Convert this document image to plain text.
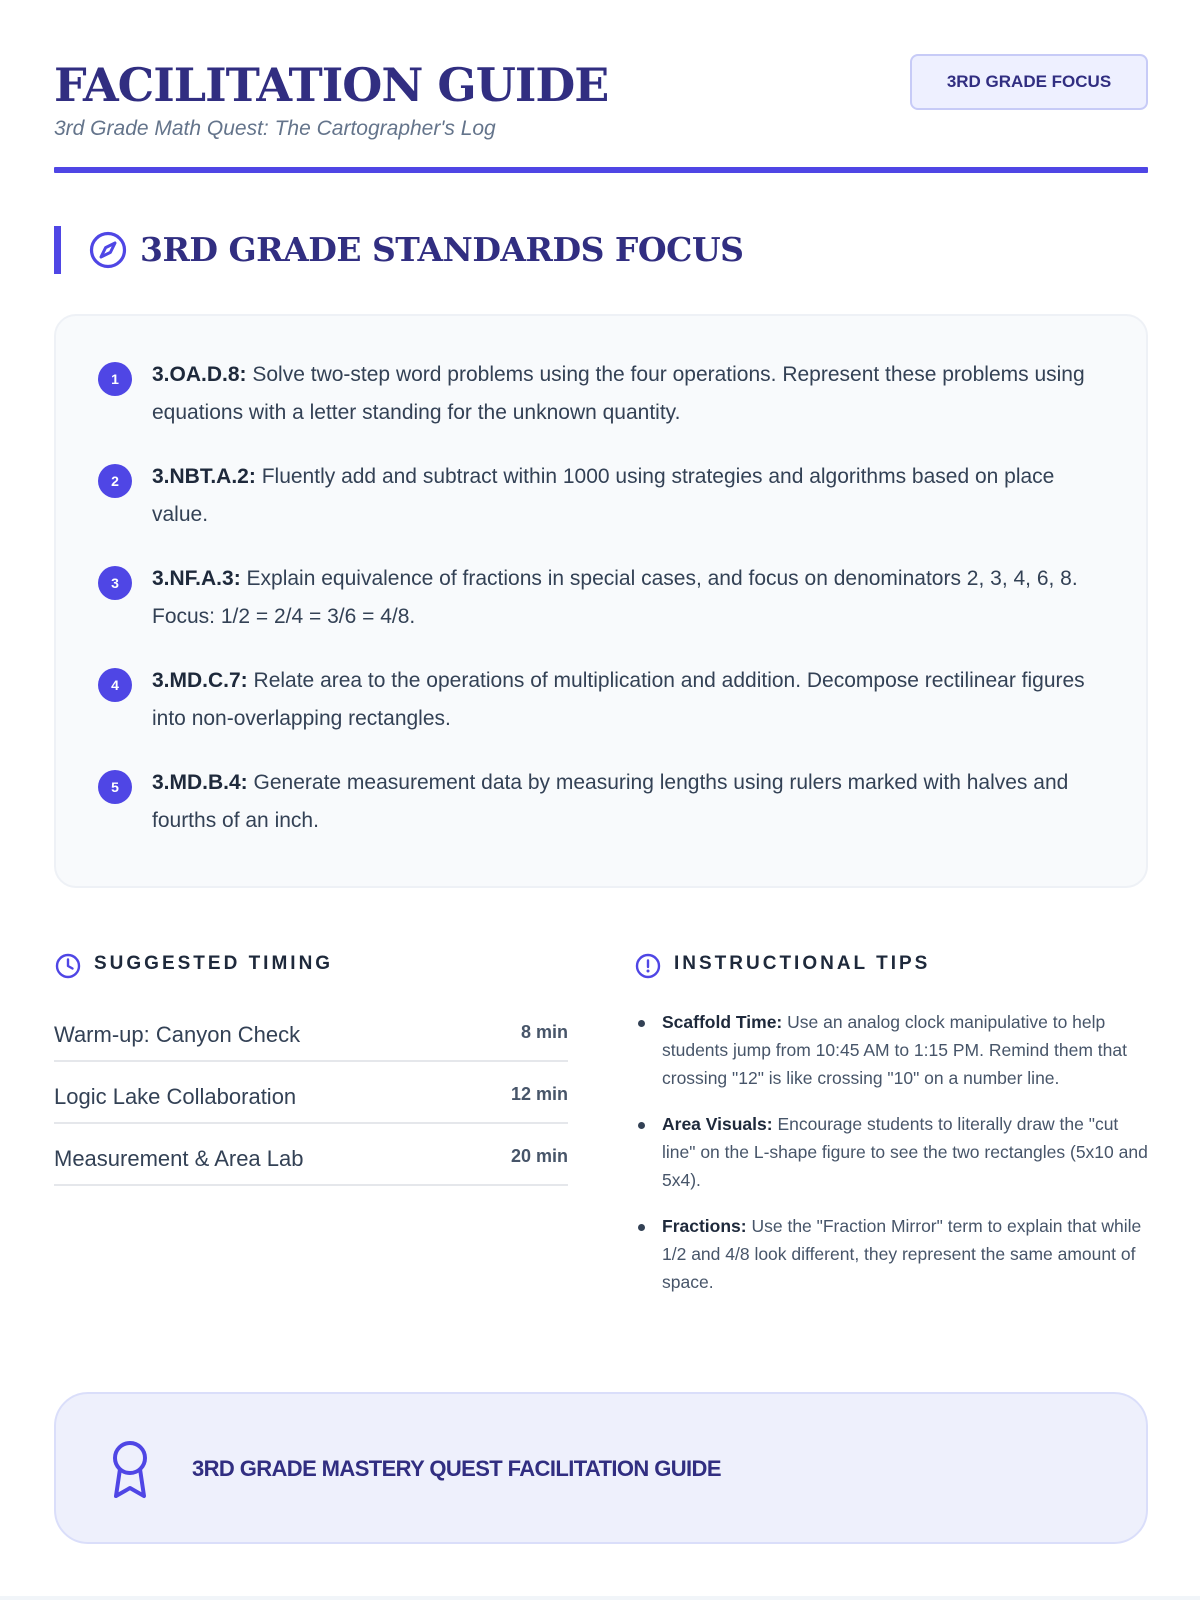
FACILITATION GUIDE
3rd Grade Math Quest: The Cartographer's Log
3RD GRADE FOCUS
3RD GRADE STANDARDS FOCUS
1	3.OA.D.8: Solve two-step word problems using the four operations. Represent these problems using equations with a letter standing for the unknown quantity.
2	3.NBT.A.2: Fluently add and subtract within 1000 using strategies and algorithms based on place value.
3	3.NF.A.3: Explain equivalence of fractions in special cases, and focus on denominators 2, 3, 4, 6, 8. Focus: 1/2 = 2/4 = 3/6 = 4/8.
4	3.MD.C.7: Relate area to the operations of multiplication and addition. Decompose rectilinear figures into non-overlapping rectangles.
5	3.MD.B.4: Generate measurement data by measuring lengths using rulers marked with halves and fourths of an inch.
SUGGESTED TIMING
Warm-up: Canyon Check	8 min
Logic Lake Collaboration	12 min
Measurement & Area Lab	20 min
INSTRUCTIONAL TIPS
Scaffold Time: Use an analog clock manipulative to help students jump from 10:45 AM to 1:15 PM. Remind them that crossing "12" is like crossing "10" on a number line.
Area Visuals: Encourage students to literally draw the "cut line" on the L-shape figure to see the two rectangles (5x10 and 5x4).
Fractions: Use the "Fraction Mirror" term to explain that while 1/2 and 4/8 look different, they represent the same amount of space.
3RD GRADE MASTERY QUEST FACILITATION GUIDE
